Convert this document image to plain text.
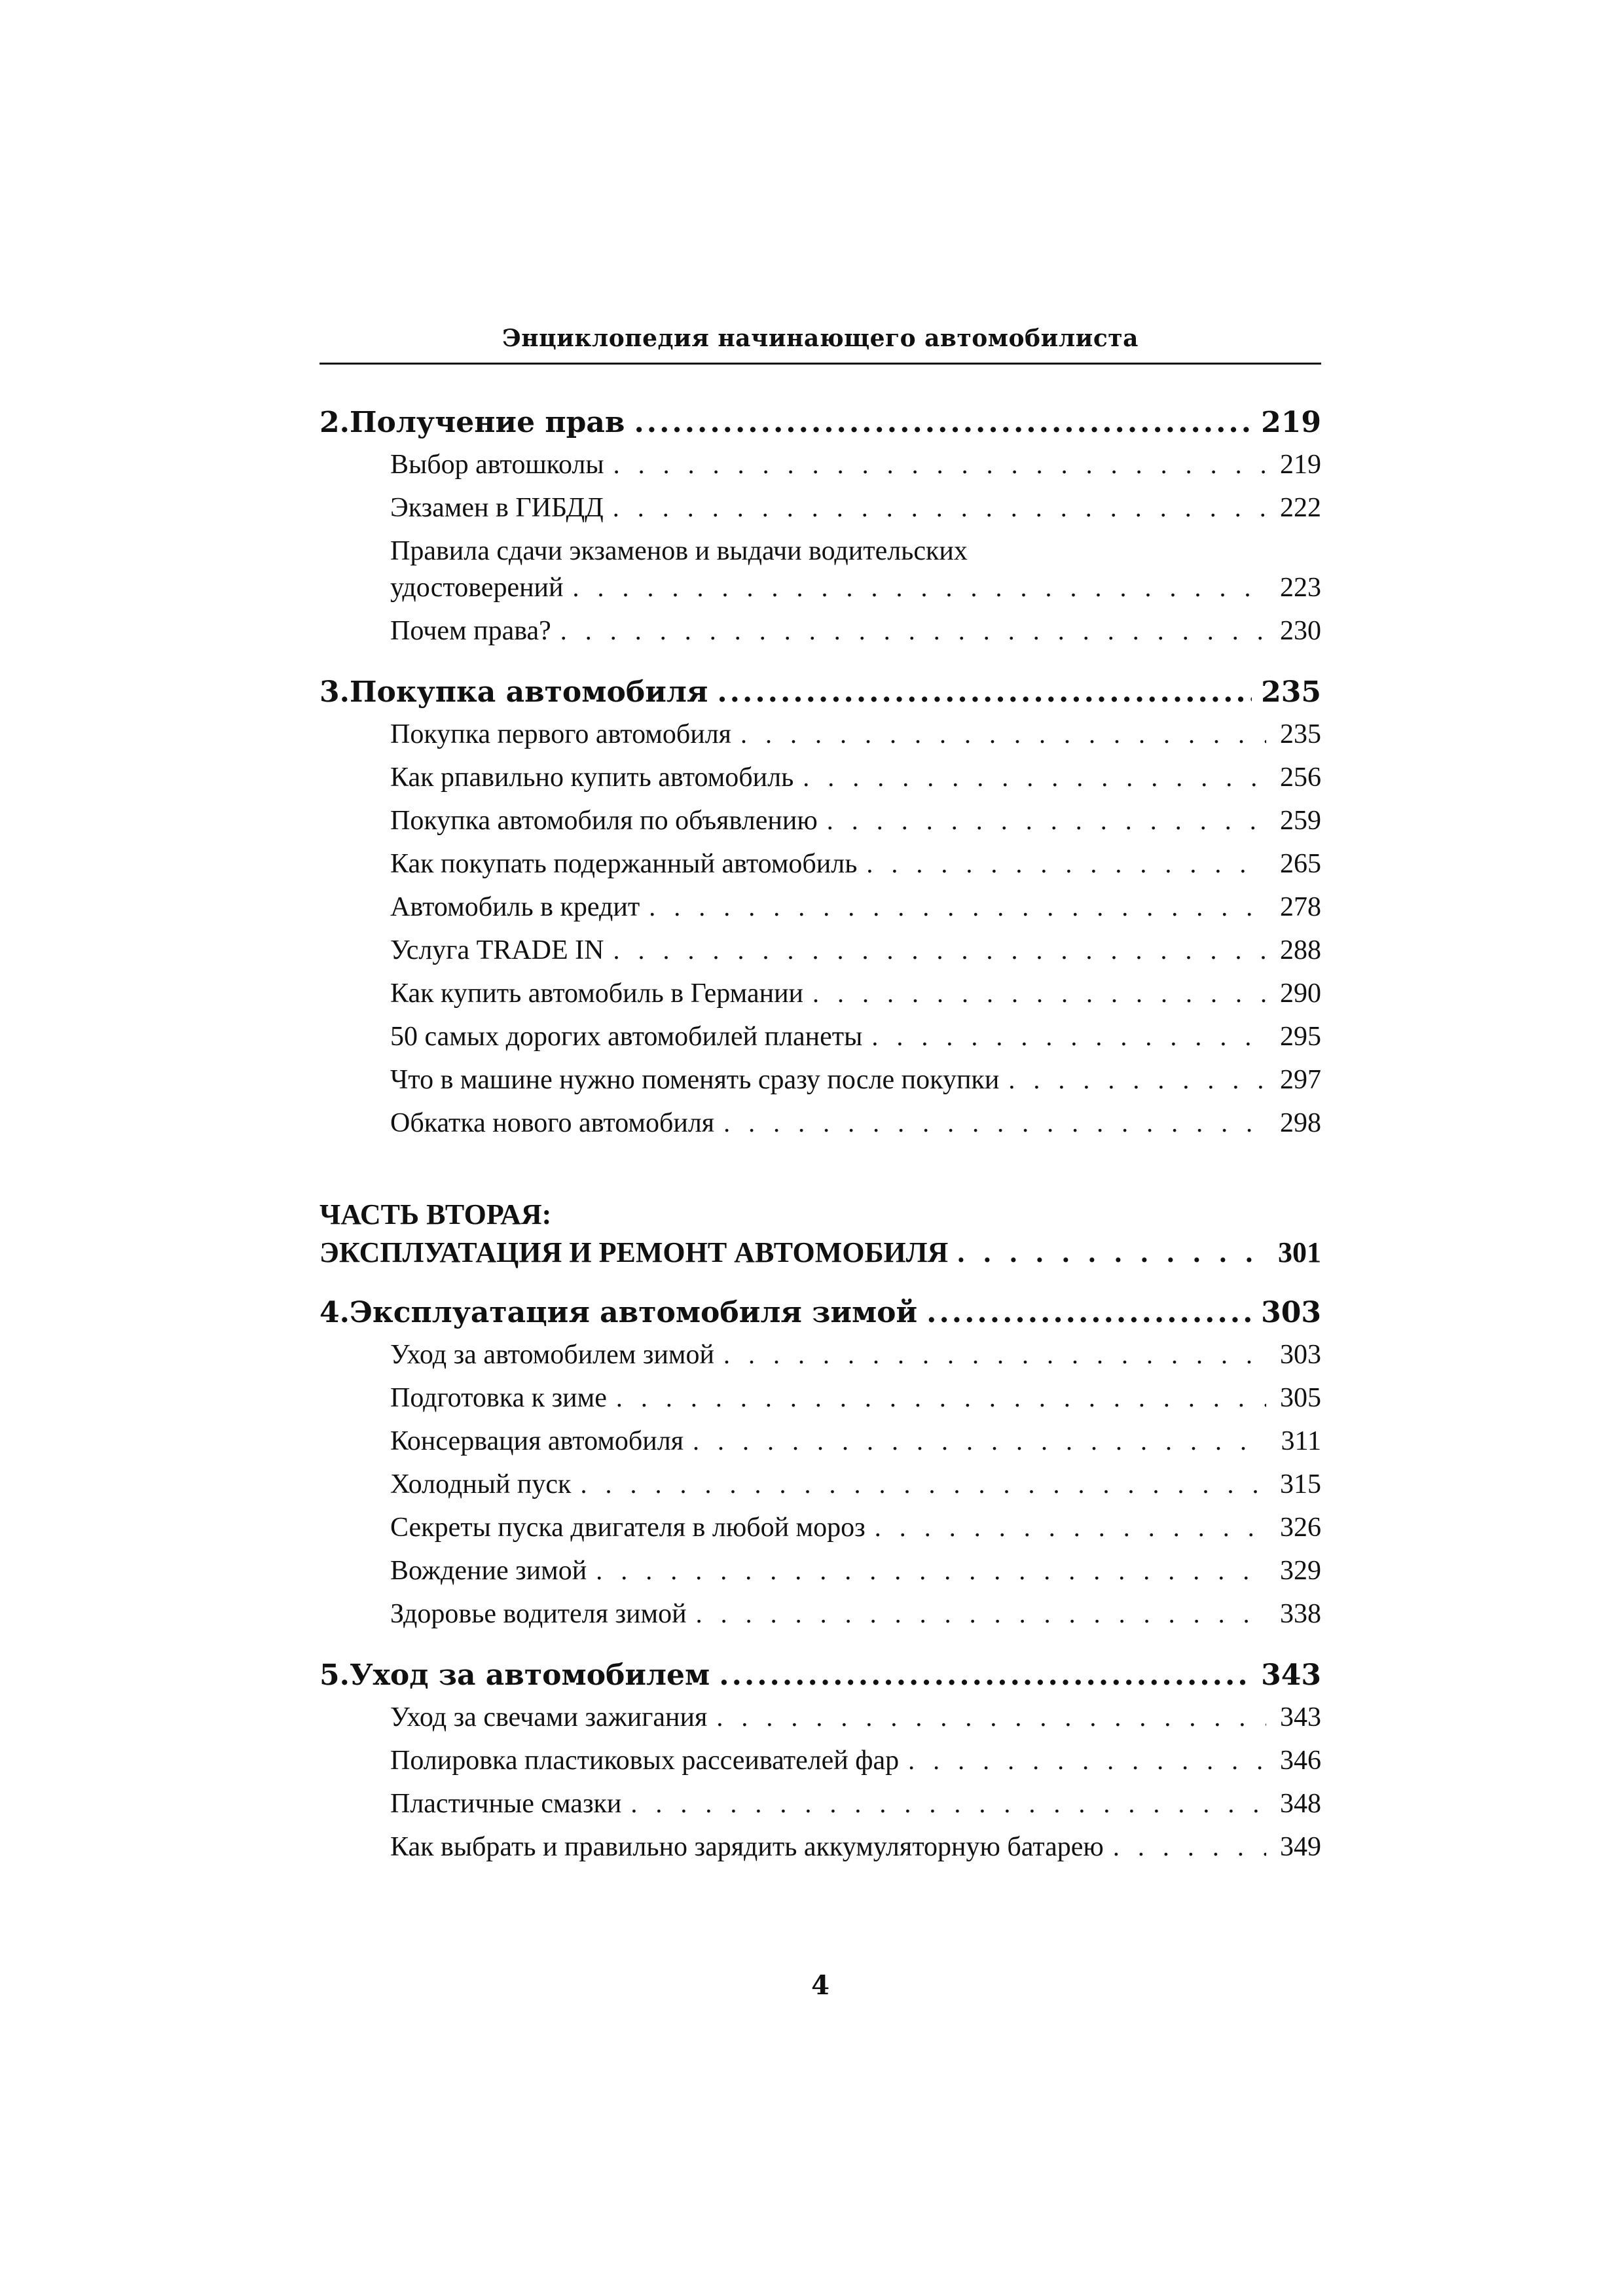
Энциклопедия начинающего автомобилиста
2. Получение прав .....	219
Выбор автошколы . . .	219
Экзамен в ГИБДД . . .	222
Правила сдачи экзаменов и выдачи водительских
удостоверений . . .	223
Почем права? . . .	230
3. Покупка автомобиля .....	235
Покупка первого автомобиля . . .	235
Как рпавильно купить автомобиль . . .	256
Покупка автомобиля по объявлению . . .	259
Как покупать подержанный автомобиль . . .	265
Автомобиль в кредит . . .	278
Услуга TRADE IN . . .	288
Как купить автомобиль в Германии . . .	290
50 самых дорогих автомобилей планеты . . .	295
Что в машине нужно поменять сразу после покупки . . .	297
Обкатка нового автомобиля . . .	298
ЧАСТЬ ВТОРАЯ:
ЭКСПЛУАТАЦИЯ И РЕМОНТ АВТОМОБИЛЯ . . .	301
4. Эксплуатация автомобиля зимой .....	303
Уход за автомобилем зимой . . .	303
Подготовка к зиме . . .	305
Консервация автомобиля . . .	311
Холодный пуск . . .	315
Секреты пуска двигателя в любой мороз . . .	326
Вождение зимой . . .	329
Здоровье водителя зимой . . .	338
5. Уход за автомобилем .....	343
Уход за свечами зажигания . . .	343
Полировка пластиковых рассеивателей фар . . .	346
Пластичные смазки . . .	348
Как выбрать и правильно зарядить аккумуляторную батарею . . .	349
4
